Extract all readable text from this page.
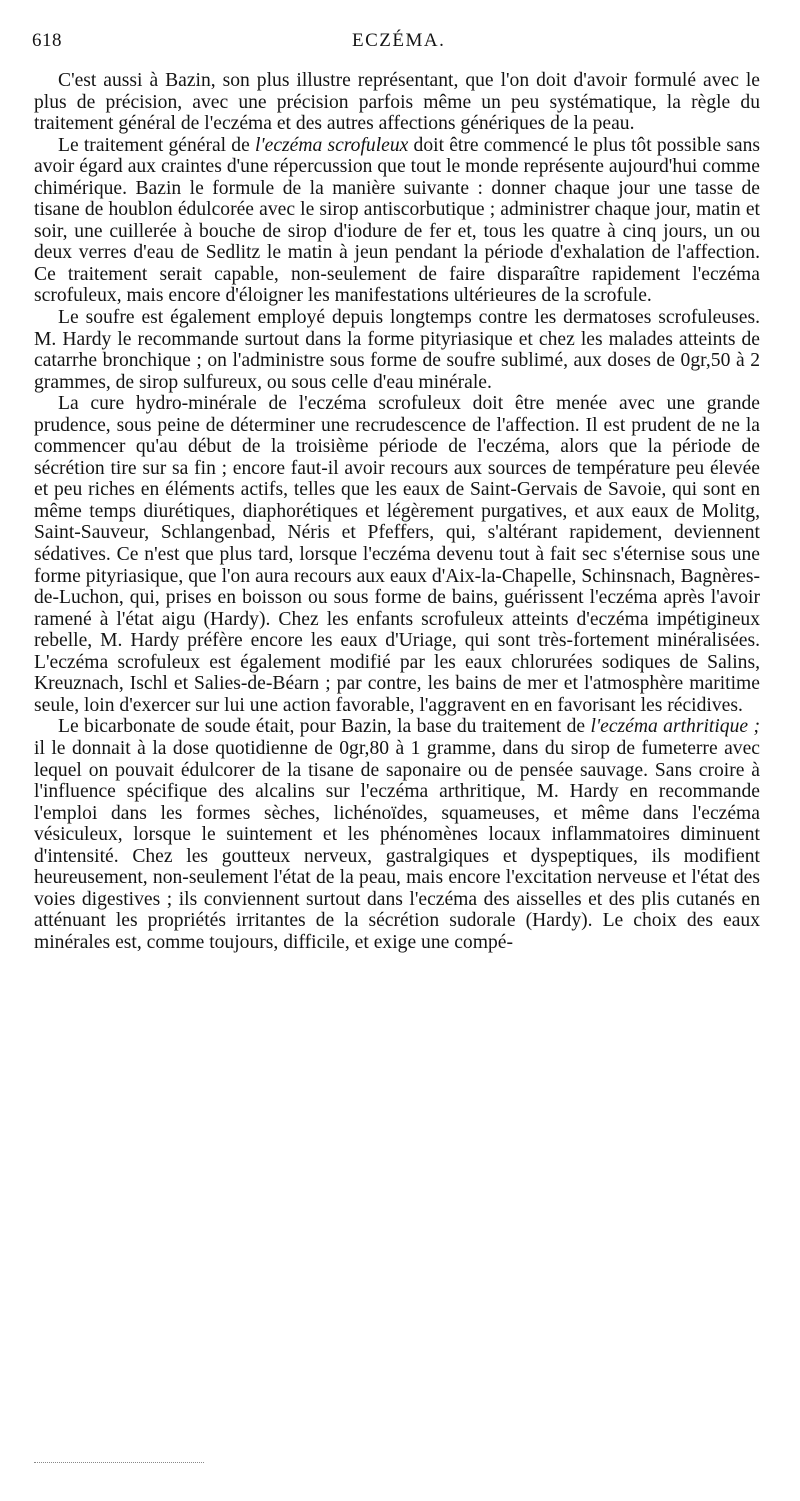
618	ECZÉMA.

C'est aussi à Bazin, son plus illustre représentant, que l'on doit d'avoir formulé avec le plus de précision, avec une précision parfois même un peu systématique, la règle du traitement général de l'eczéma et des autres affections génériques de la peau.

Le traitement général de l'eczéma scrofuleux doit être commencé le plus tôt possible sans avoir égard aux craintes d'une répercussion que tout le monde représente aujourd'hui comme chimérique. Bazin le formule de la manière suivante : donner chaque jour une tasse de tisane de houblon édulcorée avec le sirop antiscorbutique ; administrer chaque jour, matin et soir, une cuillerée à bouche de sirop d'iodure de fer et, tous les quatre à cinq jours, un ou deux verres d'eau de Sedlitz le matin à jeun pendant la période d'exhalation de l'affection. Ce traitement serait capable, non-seulement de faire disparaître rapidement l'eczéma scrofuleux, mais encore d'éloigner les manifestations ultérieures de la scrofule.

Le soufre est également employé depuis longtemps contre les dermatoses scrofuleuses. M. Hardy le recommande surtout dans la forme pityriasique et chez les malades atteints de catarrhe bronchique ; on l'administre sous forme de soufre sublimé, aux doses de 0gr,50 à 2 grammes, de sirop sulfureux, ou sous celle d'eau minérale.

La cure hydro-minérale de l'eczéma scrofuleux doit être menée avec une grande prudence, sous peine de déterminer une recrudescence de l'affection. Il est prudent de ne la commencer qu'au début de la troisième période de l'eczéma, alors que la période de sécrétion tire sur sa fin ; encore faut-il avoir recours aux sources de température peu élevée et peu riches en éléments actifs, telles que les eaux de Saint-Gervais de Savoie, qui sont en même temps diurétiques, diaphorétiques et légèrement purgatives, et aux eaux de Molitg, Saint-Sauveur, Schlangenbad, Néris et Pfeffers, qui, s'altérant rapidement, deviennent sédatives. Ce n'est que plus tard, lorsque l'eczéma devenu tout à fait sec s'éternise sous une forme pityriasique, que l'on aura recours aux eaux d'Aix-la-Chapelle, Schinsnach, Bagnères-de-Luchon, qui, prises en boisson ou sous forme de bains, guérissent l'eczéma après l'avoir ramené à l'état aigu (Hardy). Chez les enfants scrofuleux atteints d'eczéma impétigineux rebelle, M. Hardy préfère encore les eaux d'Uriage, qui sont très-fortement minéralisées. L'eczéma scrofuleux est également modifié par les eaux chlorurées sodiques de Salins, Kreuznach, Ischl et Salies-de-Béarn ; par contre, les bains de mer et l'atmosphère maritime seule, loin d'exercer sur lui une action favorable, l'aggravent en en favorisant les récidives.

Le bicarbonate de soude était, pour Bazin, la base du traitement de l'eczéma arthritique ; il le donnait à la dose quotidienne de 0gr,80 à 1 gramme, dans du sirop de fumeterre avec lequel on pouvait édulcorer de la tisane de saponaire ou de pensée sauvage. Sans croire à l'influence spécifique des alcalins sur l'eczéma arthritique, M. Hardy en recommande l'emploi dans les formes sèches, lichénoïdes, squameuses, et même dans l'eczéma vésiculeux, lorsque le suintement et les phénomènes locaux inflammatoires diminuent d'intensité. Chez les goutteux nerveux, gastralgiques et dyspeptiques, ils modifient heureusement, non-seulement l'état de la peau, mais encore l'excitation nerveuse et l'état des voies digestives ; ils conviennent surtout dans l'eczéma des aisselles et des plis cutanés en atténuant les propriétés irritantes de la sécrétion sudorale (Hardy). Le choix des eaux minérales est, comme toujours, difficile, et exige une compé-
